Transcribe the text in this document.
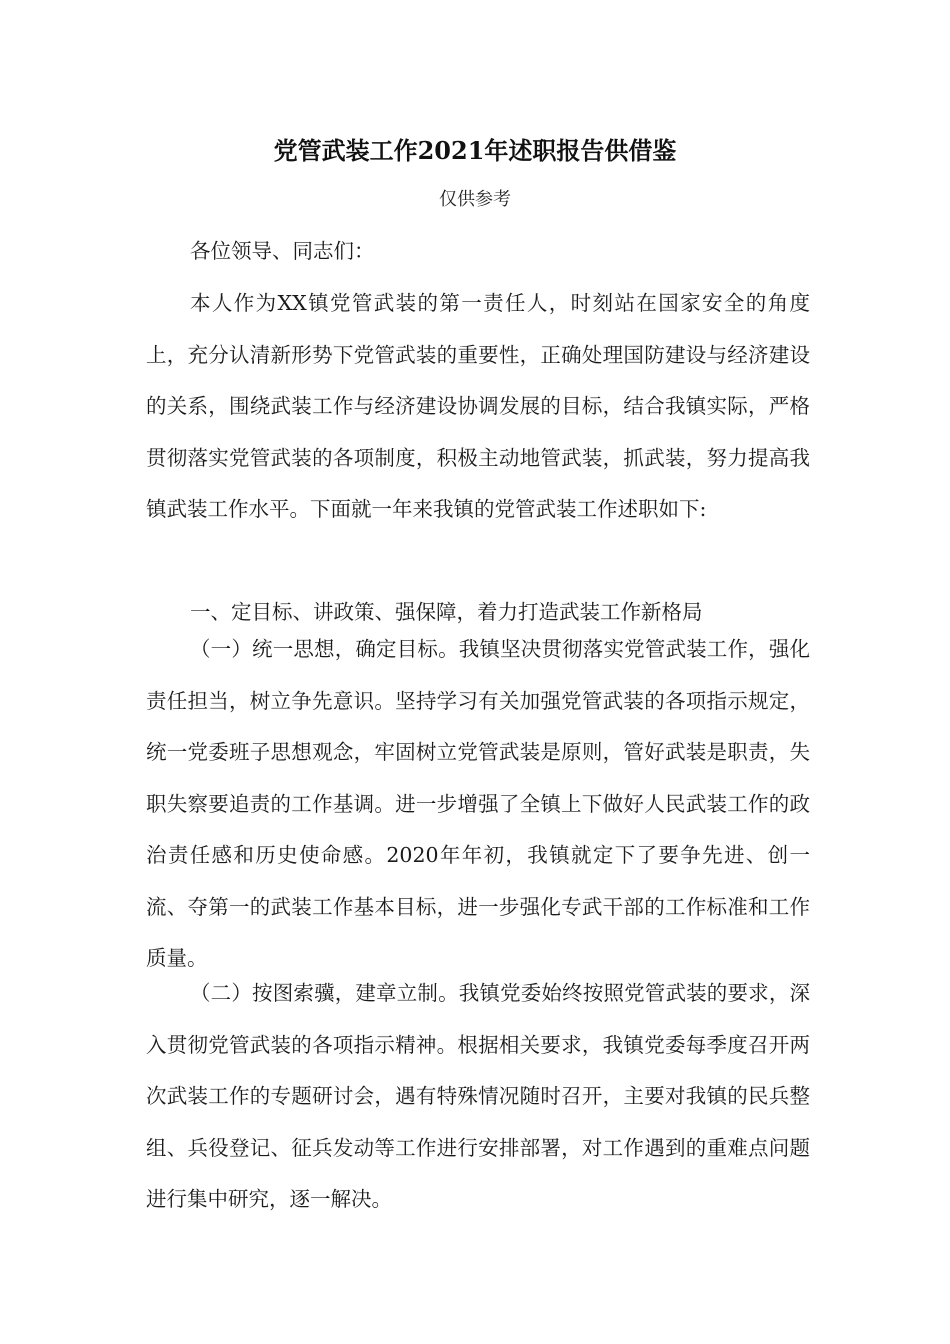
党管武装工作2021年述职报告供借鉴
仅供参考

各位领导、同志们：

本人作为XX镇党管武装的第一责任人，时刻站在国家安全的角度上，充分认清新形势下党管武装的重要性，正确处理国防建设与经济建设的关系，围绕武装工作与经济建设协调发展的目标，结合我镇实际，严格贯彻落实党管武装的各项制度，积极主动地管武装，抓武装，努力提高我镇武装工作水平。下面就一年来我镇的党管武装工作述职如下:

一、定目标、讲政策、强保障，着力打造武装工作新格局

（一）统一思想，确定目标。我镇坚决贯彻落实党管武装工作，强化责任担当，树立争先意识。坚持学习有关加强党管武装的各项指示规定，统一党委班子思想观念，牢固树立党管武装是原则，管好武装是职责，失职失察要追责的工作基调。进一步增强了全镇上下做好人民武装工作的政治责任感和历史使命感。2020年年初，我镇就定下了要争先进、创一流、夺第一的武装工作基本目标，进一步强化专武干部的工作标准和工作质量。

（二）按图索骥，建章立制。我镇党委始终按照党管武装的要求，深入贯彻党管武装的各项指示精神。根据相关要求，我镇党委每季度召开两次武装工作的专题研讨会，遇有特殊情况随时召开，主要对我镇的民兵整组、兵役登记、征兵发动等工作进行安排部署，对工作遇到的重难点问题进行集中研究，逐一解决。
